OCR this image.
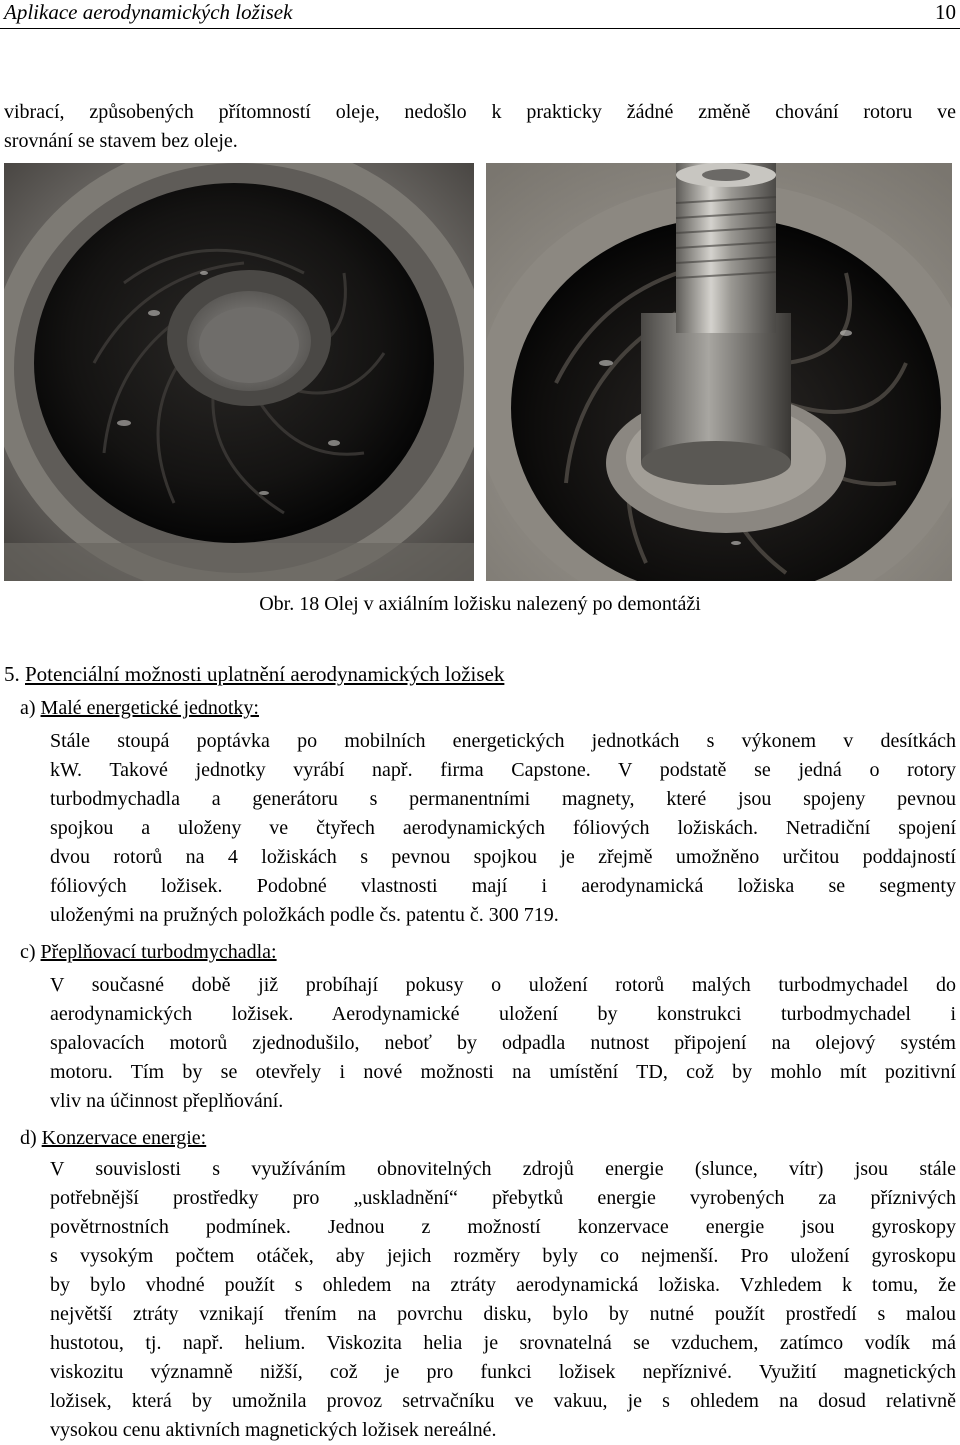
Aplikace aerodynamických ložisek	10
vibrací, způsobených přítomností oleje, nedošlo k prakticky žádné změně chování rotoru ve
srovnání se stavem bez oleje.
Obr. 18 Olej v axiálním ložisku nalezený po demontáži
5. Potenciální možnosti uplatnění aerodynamických ložisek
a) Malé energetické jednotky:
Stále stoupá poptávka po mobilních energetických jednotkách s výkonem v desítkách
kW. Takové jednotky vyrábí např. firma Capstone. V podstatě se jedná o rotory
turbodmychadla a generátoru s permanentními magnety, které jsou spojeny pevnou
spojkou a uloženy ve čtyřech aerodynamických fóliových ložiskách. Netradiční spojení
dvou rotorů na 4 ložiskách s pevnou spojkou je zřejmě umožněno určitou poddajností
fóliových ložisek. Podobné vlastnosti mají i aerodynamická ložiska se segmenty
uloženými na pružných položkách podle čs. patentu č. 300 719.
c) Přeplňovací turbodmychadla:
V současné době již probíhají pokusy o uložení rotorů malých turbodmychadel do
aerodynamických ložisek. Aerodynamické uložení by konstrukci turbodmychadel i
spalovacích motorů zjednodušilo, neboť by odpadla nutnost připojení na olejový systém
motoru. Tím by se otevřely i nové možnosti na umístění TD, což by mohlo mít pozitivní
vliv na účinnost přeplňování.
d) Konzervace energie:
V souvislosti s využíváním obnovitelných zdrojů energie (slunce, vítr) jsou stále
potřebnější prostředky pro „uskladnění“ přebytků energie vyrobených za příznivých
povětrnostních podmínek. Jednou z možností konzervace energie jsou gyroskopy
s vysokým počtem otáček, aby jejich rozměry byly co nejmenší. Pro uložení gyroskopu
by bylo vhodné použít s ohledem na ztráty aerodynamická ložiska. Vzhledem k tomu, že
největší ztráty vznikají třením na povrchu disku, bylo by nutné použít prostředí s malou
hustotou, tj. např. helium. Viskozita helia je srovnatelná se vzduchem, zatímco vodík má
viskozitu významně nižší, což je pro funkci ložisek nepříznivé. Využití magnetických
ložisek, která by umožnila provoz setrvačníku ve vakuu, je s ohledem na dosud relativně
vysokou cenu aktivních magnetických ložisek nereálné.
